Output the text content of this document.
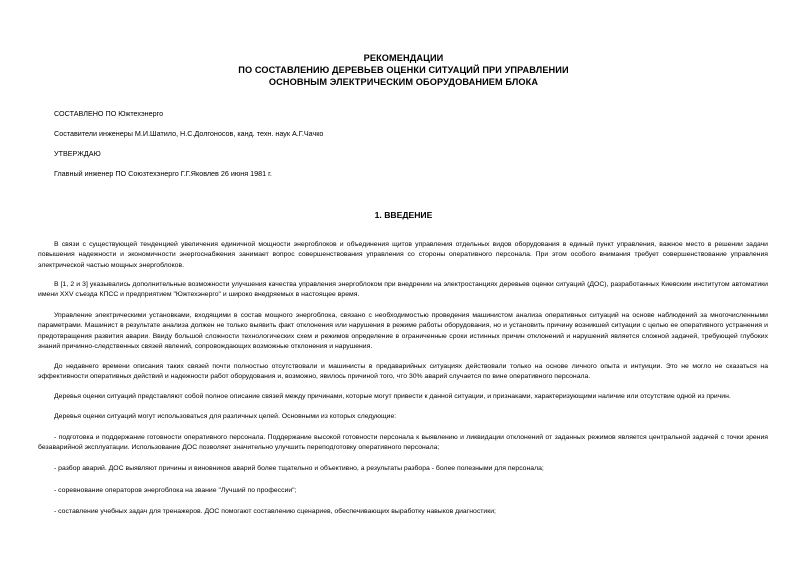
РЕКОМЕНДАЦИИ
ПО СОСТАВЛЕНИЮ ДЕРЕВЬЕВ ОЦЕНКИ СИТУАЦИЙ ПРИ УПРАВЛЕНИИ
ОСНОВНЫМ ЭЛЕКТРИЧЕСКИМ ОБОРУДОВАНИЕМ БЛОКА
СОСТАВЛЕНО ПО Южтехэнерго
Составители инженеры М.И.Шатило, Н.С.Долгоносов, канд. техн. наук А.Г.Чачко
УТВЕРЖДАЮ
Главный инженер ПО Союзтехэнерго Г.Г.Яковлев 26 июня 1981 г.
1. ВВЕДЕНИЕ
В связи с существующей тенденцией увеличения единичной мощности энергоблоков и объединения щитов управления отдельных видов оборудования в единый пункт управления, важное место в решении задачи повышения надежности и экономичности энергоснабжения занимает вопрос совершенствования управления со стороны оперативного персонала. При этом особого внимания требует совершенствование управления электрической частью мощных энергоблоков.
В [1, 2 и 3] указывались дополнительные возможности улучшения качества управления энергоблоком при внедрении на электростанциях деревьев оценки ситуаций (ДОС), разработанных Киевским институтом автоматики имени XXV съезда КПСС и предприятием "Южтехэнерго" и широко внедряемых в настоящее время.
Управление электрическими установками, входящими в состав мощного энергоблока, связано с необходимостью проведения машинистом анализа оперативных ситуаций на основе наблюдений за многочисленными параметрами. Машинист в результате анализа должен не только выявить факт отклонения или нарушения в режиме работы оборудования, но и установить причину возникшей ситуации с целью ее оперативного устранения и предотвращения развития аварии. Ввиду большой сложности технологических схем и режимов определение в ограниченные сроки истинных причин отклонений и нарушений является сложной задачей, требующей глубоких знаний причинно-следственных связей явлений, сопровождающих возможные отклонения и нарушения.
До недавнего времени описания таких связей почти полностью отсутствовали и машинисты в предаварийных ситуациях действовали только на основе личного опыта и интуиции. Это не могло не сказаться на эффективности оперативных действий и надежности работ оборудования и, возможно, явилось причиной того, что 30% аварий случается по вине оперативного персонала.
Деревья оценки ситуаций представляют собой полное описание связей между причинами, которые могут привести к данной ситуации, и признаками, характеризующими наличие или отсутствие одной из причин.
Деревья оценки ситуаций могут использоваться для различных целей. Основными из которых следующие:
- подготовка и поддержание готовности оперативного персонала. Поддержание высокой готовности персонала к выявлению и ликвидации отклонений от заданных режимов является центральной задачей с точки зрения безаварийной эксплуатации. Использование ДОС позволяет значительно улучшить переподготовку оперативного персонала;
- разбор аварий. ДОС выявляют причины и виновников аварий более тщательно и объективно, а результаты разбора - более полезными для персонала;
- соревнование операторов энергоблока на звание "Лучший по профессии";
- составление учебных задач для тренажеров. ДОС помогают составлению сценариев, обеспечивающих выработку навыков диагностики;
